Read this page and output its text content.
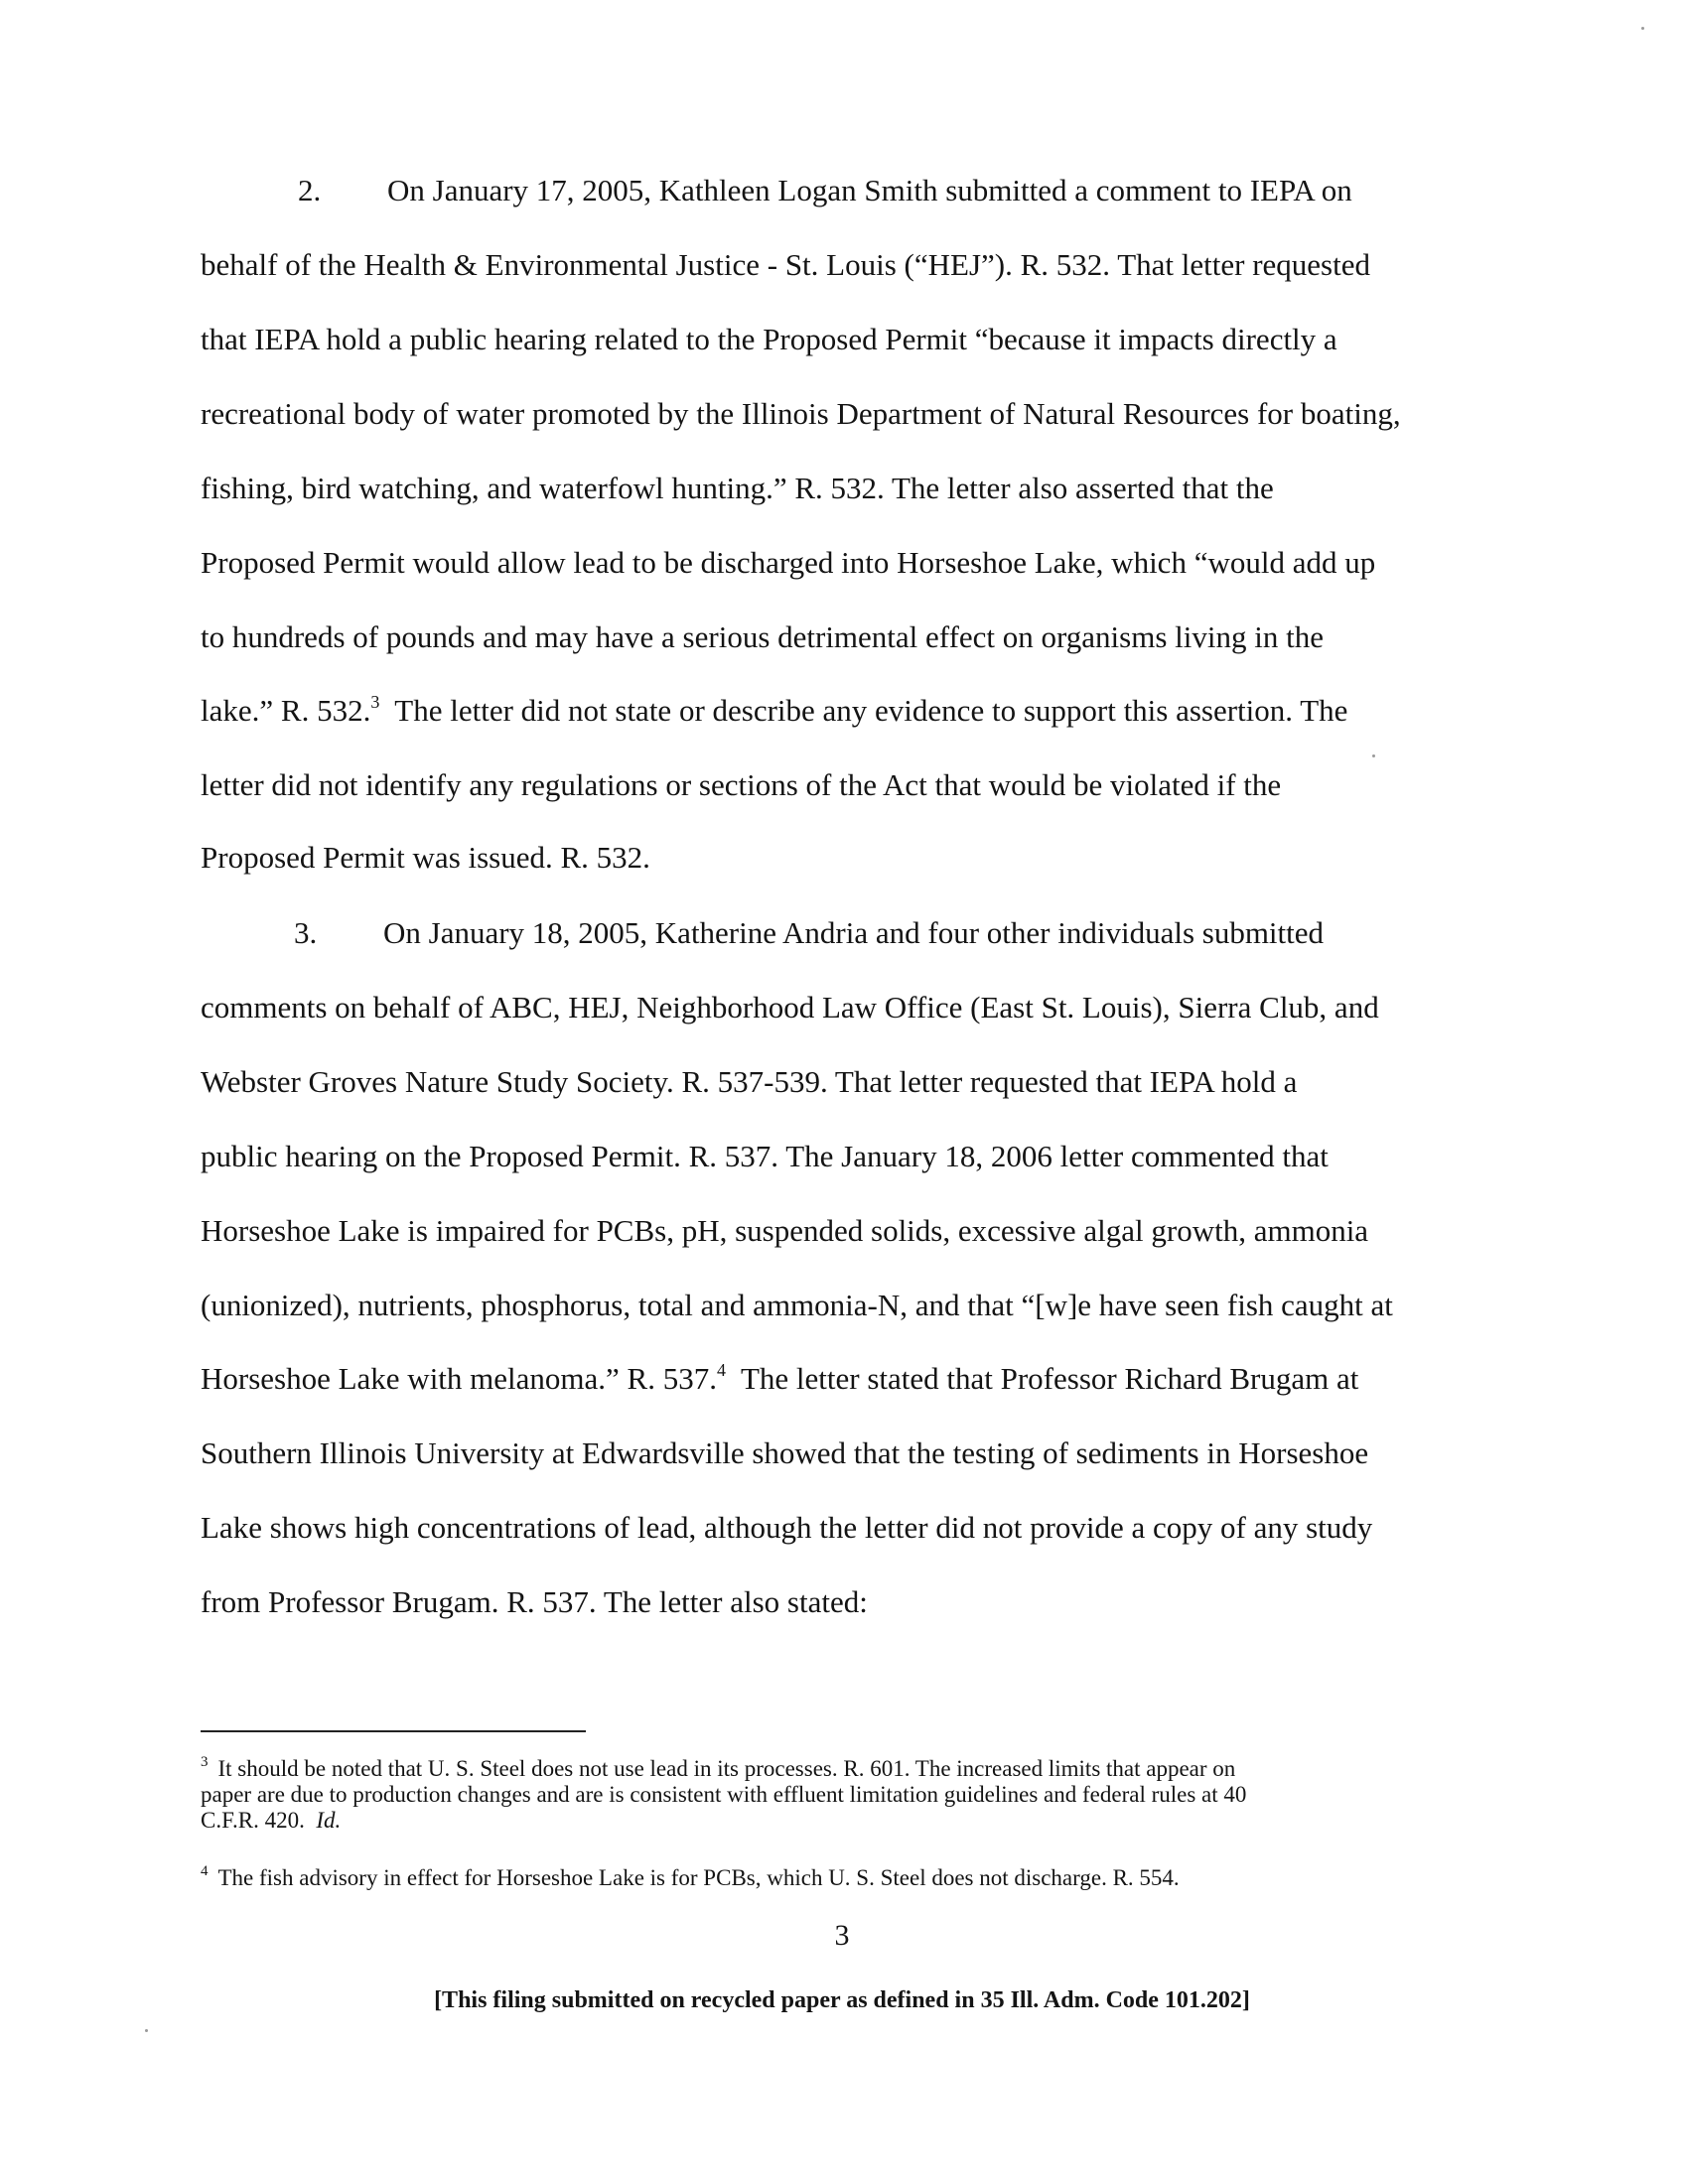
2. On January 17, 2005, Kathleen Logan Smith submitted a comment to IEPA on
behalf of the Health & Environmental Justice - St. Louis (“HEJ”). R. 532. That letter requested
that IEPA hold a public hearing related to the Proposed Permit “because it impacts directly a
recreational body of water promoted by the Illinois Department of Natural Resources for boating,
fishing, bird watching, and waterfowl hunting.” R. 532. The letter also asserted that the
Proposed Permit would allow lead to be discharged into Horseshoe Lake, which “would add up
to hundreds of pounds and may have a serious detrimental effect on organisms living in the
lake.” R. 532.$^3$ The letter did not state or describe any evidence to support this assertion. The
letter did not identify any regulations or sections of the Act that would be violated if the
Proposed Permit was issued. R. 532.
3. On January 18, 2005, Katherine Andria and four other individuals submitted
comments on behalf of ABC, HEJ, Neighborhood Law Office (East St. Louis), Sierra Club, and
Webster Groves Nature Study Society. R. 537-539. That letter requested that IEPA hold a
public hearing on the Proposed Permit. R. 537. The January 18, 2006 letter commented that
Horseshoe Lake is impaired for PCBs, pH, suspended solids, excessive algal growth, ammonia
(unionized), nutrients, phosphorus, total and ammonia-N, and that “[w]e have seen fish caught at
Horseshoe Lake with melanoma.” R. 537.$^4$ The letter stated that Professor Richard Brugam at
Southern Illinois University at Edwardsville showed that the testing of sediments in Horseshoe
Lake shows high concentrations of lead, although the letter did not provide a copy of any study
from Professor Brugam. R. 537. The letter also stated:
$^3$ It should be noted that U. S. Steel does not use lead in its processes. R. 601. The increased limits that appear on
paper are due to production changes and are is consistent with effluent limitation guidelines and federal rules at 40
C.F.R. 420. Id.
$^4$ The fish advisory in effect for Horseshoe Lake is for PCBs, which U. S. Steel does not discharge. R. 554.
3
[This filing submitted on recycled paper as defined in 35 Ill. Adm. Code 101.202]
